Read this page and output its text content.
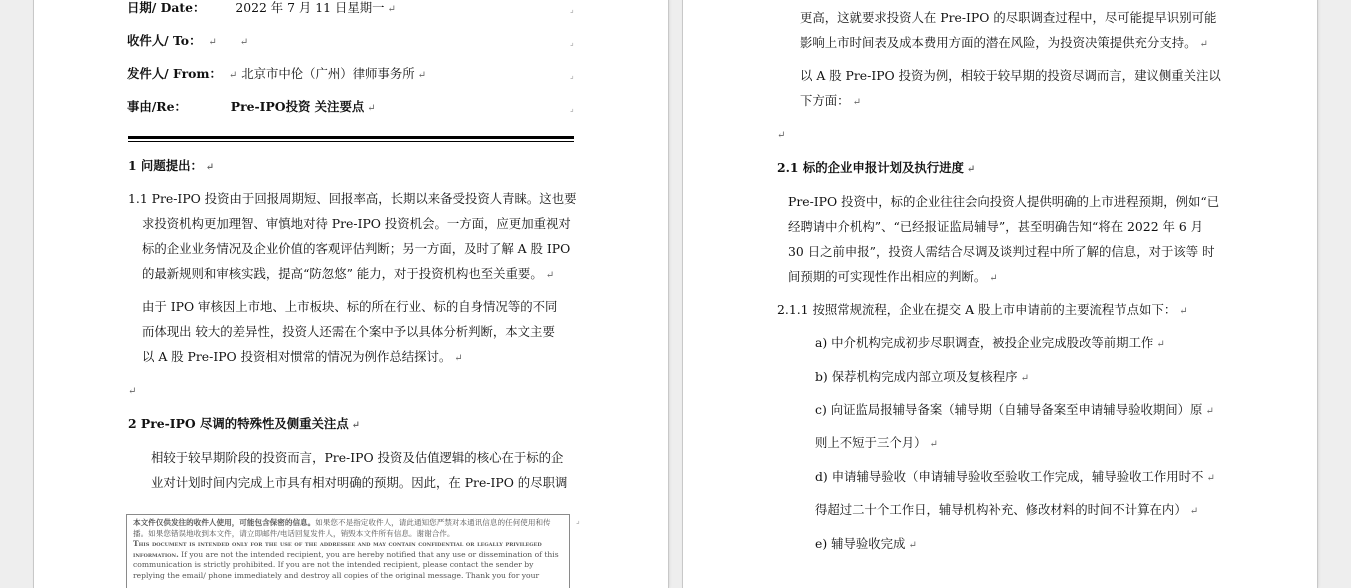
日期/ Date： 2022 年 7 月 11 日星期一 ↵
收件人/ To： ↵ ↵
发件人/ From： ↵ 北京市中伦（广州）律师事务所 ↵
事由/Re：	Pre-IPO投资 关注要点 ↵
⌟
⌟
⌟
⌟
1 问题提出： ↵
1.1 Pre-IPO 投资由于回报周期短、回报率高，长期以来备受投资人青睐。这也要
求投资机构更加理智、审慎地对待 Pre-IPO 投资机会。一方面，应更加重视对
标的企业业务情况及企业价值的客观评估判断；另一方面，及时了解 A 股 IPO
的最新规则和审核实践，提高“防忽悠” 能力，对于投资机构也至关重要。 ↵
由于 IPO 审核因上市地、上市板块、标的所在行业、标的自身情况等的不同
而体现出 较大的差异性，投资人还需在个案中予以具体分析判断，本文主要
以 A 股 Pre-IPO 投资相对惯常的情况为例作总结探讨。 ↵
↵
2 Pre-IPO 尽调的特殊性及侧重关注点 ↵
相较于较早期阶段的投资而言，Pre-IPO 投资及估值逻辑的核心在于标的企
业对计划时间内完成上市具有相对明确的预期。因此，在 Pre-IPO 的尽职调
⌟

本文件仅供发往的收件人使用，可能包含保密的信息。如果您不是指定收件人，请此通知您严禁对本通讯信息的任何使用和传播。如果您错误地收到本文件，请立即邮件/电话回复发件人，销毁本文件所有信息。谢谢合作。

This document is intended only for the use of the addressee and may contain confidential or legally privileged information. If you are not the intended recipient, you are hereby notified that any use or dissemination of this communication is strictly prohibited. If you are not the intended recipient, please contact the sender by replying the email/ phone immediately and destroy all copies of the original message. Thank you for your

更高，这就要求投资人在 Pre-IPO 的尽职调查过程中，尽可能提早识别可能
影响上市时间表及成本费用方面的潜在风险，为投资决策提供充分支持。 ↵
以 A 股 Pre-IPO 投资为例，相较于较早期的投资尽调而言，建议侧重关注以
下方面： ↵
↵
2.1 标的企业申报计划及执行进度 ↵
Pre-IPO 投资中，标的企业往往会向投资人提供明确的上市进程预期，例如“已
经聘请中介机构”、“已经报证监局辅导”，甚至明确告知“将在 2022 年 6 月
30 日之前申报”，投资人需结合尽调及谈判过程中所了解的信息，对于该等 时
间预期的可实现性作出相应的判断。 ↵
2.1.1 按照常规流程，企业在提交 A 股上市申请前的主要流程节点如下： ↵
a) 中介机构完成初步尽职调查，被投企业完成股改等前期工作 ↵
b) 保荐机构完成内部立项及复核程序 ↵
c) 向证监局报辅导备案（辅导期（自辅导备案至申请辅导验收期间）原 ↵
则上不短于三个月） ↵
d) 申请辅导验收（申请辅导验收至验收工作完成，辅导验收工作用时不 ↵
得超过二十个工作日，辅导机构补充、修改材料的时间不计算在内） ↵
e) 辅导验收完成 ↵
